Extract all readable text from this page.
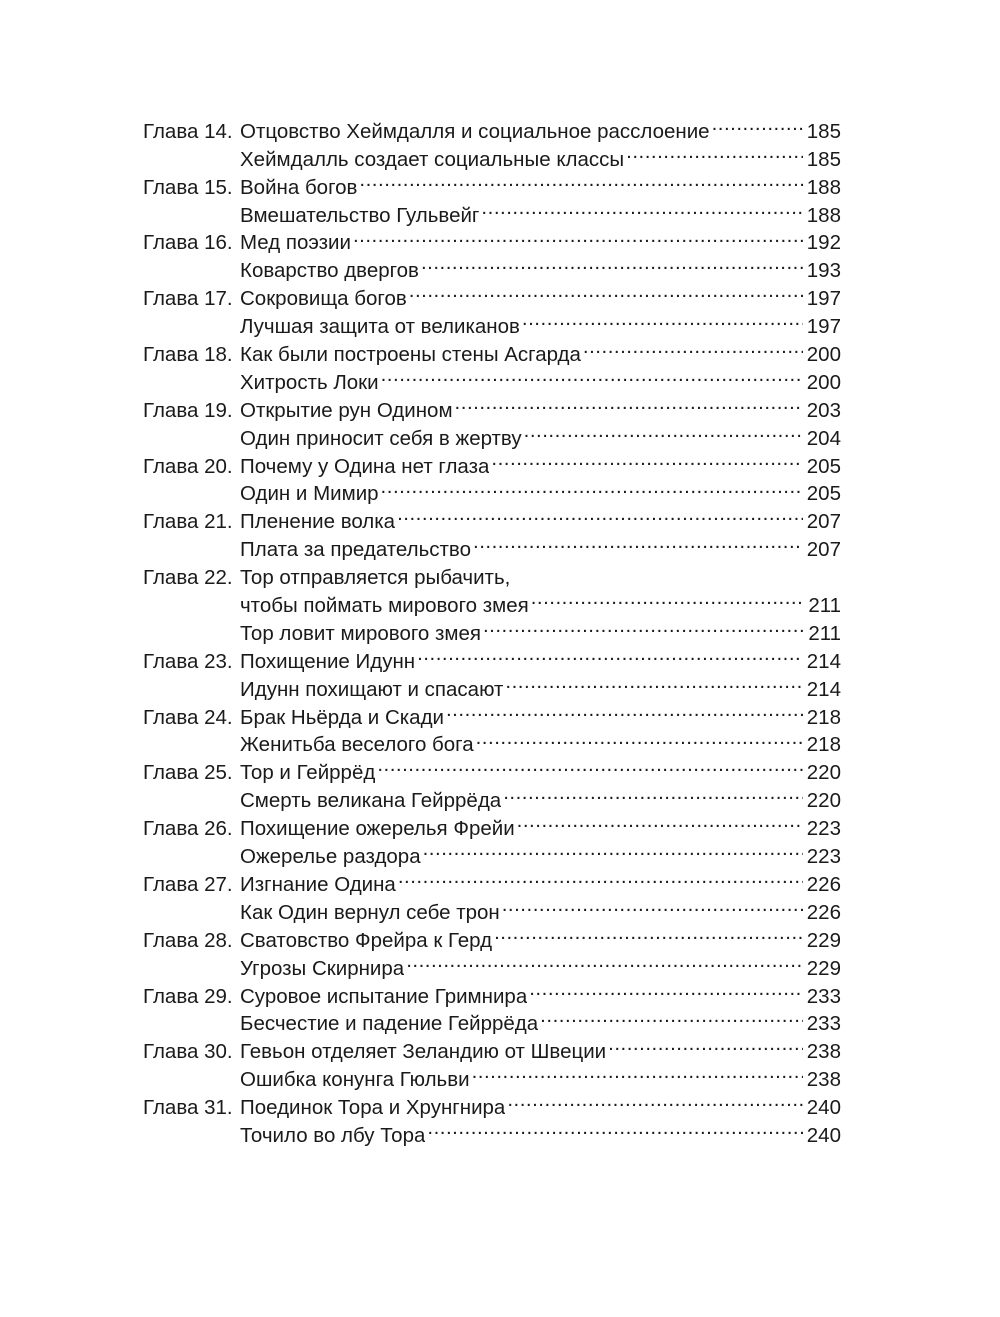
Глава 14. Отцовство Хеймдалля и социальное расслоение .....	185
Хеймдалль создает социальные классы .....	185
Глава 15. Война богов .....	188
Вмешательство Гульвейг .....	188
Глава 16. Мед поэзии .....	192
Коварство двергов .....	193
Глава 17. Сокровища богов .....	197
Лучшая защита от великанов .....	197
Глава 18. Как были построены стены Асгарда .....	200
Хитрость Локи .....	200
Глава 19. Открытие рун Одином .....	203
Один приносит себя в жертву .....	204
Глава 20. Почему у Одина нет глаза .....	205
Один и Мимир .....	205
Глава 21. Пленение волка .....	207
Плата за предательство .....	207
Глава 22. Тор отправляется рыбачить,
чтобы поймать мирового змея .....	211
Тор ловит мирового змея .....	211
Глава 23. Похищение Идунн .....	214
Идунн похищают и спасают .....	214
Глава 24. Брак Ньёрда и Скади .....	218
Женитьба веселого бога .....	218
Глава 25. Тор и Гейррёд .....	220
Смерть великана Гейррёда .....	220
Глава 26. Похищение ожерелья Фрейи .....	223
Ожерелье раздора .....	223
Глава 27. Изгнание Одина .....	226
Как Один вернул себе трон .....	226
Глава 28. Сватовство Фрейра к Герд .....	229
Угрозы Скирнира .....	229
Глава 29. Суровое испытание Гримнира .....	233
Бесчестие и падение Гейррёда .....	233
Глава 30. Гевьон отделяет Зеландию от Швеции .....	238
Ошибка конунга Гюльви .....	238
Глава 31. Поединок Тора и Хрунгнира .....	240
Точило во лбу Тора .....	240
